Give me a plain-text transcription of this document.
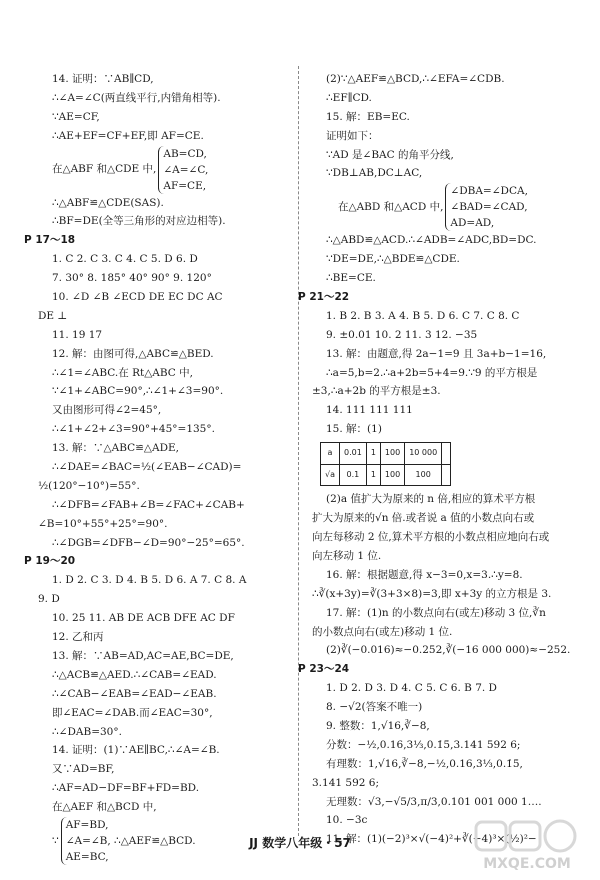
14. 证明：∵AB∥CD,
∴∠A=∠C(两直线平行,内错角相等).
∵AE=CF,
∴AE+EF=CF+EF,即 AF=CE.
在△ABF 和△CDE 中,
AB=CD,
∠A=∠C,
AF=CE,
∴△ABF≌△CDE(SAS).
∴BF=DE(全等三角形的对应边相等).
P 17～18
1. C 2. C 3. C 4. C 5. D 6. D
7. 30° 8. 185° 40° 90° 9. 120°
10. ∠D ∠B ∠ECD DE EC DC AC
DE ⊥
11. 19 17
12. 解：由图可得,△ABC≌△BED.
∴∠1=∠ABC.在 Rt△ABC 中,
∵∠1+∠ABC=90°,∴∠1+∠3=90°.
又由图形可得∠2=45°,
∴∠1+∠2+∠3=90°+45°=135°.
13. 解：∵△ABC≌△ADE,
∴∠DAE=∠BAC=½(∠EAB−∠CAD)=
½(120°−10°)=55°.
∴∠DFB=∠FAB+∠B=∠FAC+∠CAB+
∠B=10°+55°+25°=90°.
∴∠DGB=∠DFB−∠D=90°−25°=65°.
P 19～20
1. D 2. C 3. D 4. B 5. D 6. A 7. C 8. A
9. D
10. 25 11. AB DE ACB DFE AC DF
12. 乙和丙
13. 解：∵AB=AD,AC=AE,BC=DE,
∴△ACB≌△AED.∴∠CAB=∠EAD.
∴∠CAB−∠EAB=∠EAD−∠EAB.
即∠EAC=∠DAB.而∠EAC=30°,
∴∠DAB=30°.
14. 证明：(1)∵AE∥BC,∴∠A=∠B.
又∵AD=BF,
∴AF=AD−DF=BF+FD=BD.
在△AEF 和△BCD 中,
∵
AF=BD,
∠A=∠B, ∴△AEF≌△BCD.
AE=BC,
(2)∵△AEF≌△BCD,∴∠EFA=∠CDB.
∴EF∥CD.
15. 解：EB=EC.
证明如下：
∵AD 是∠BAC 的角平分线,
∵DB⊥AB,DC⊥AC,
在△ABD 和△ACD 中,
∠DBA=∠DCA,
∠BAD=∠CAD,
AD=AD,
∴△ABD≌△ACD.∴∠ADB=∠ADC,BD=DC.
∵DE=DE,∴△BDE≌△CDE.
∴BE=CE.
P 21～22
1. B 2. B 3. A 4. B 5. D 6. C 7. C 8. C
9. ±0.01 10. 2 11. 3 12. −35
13. 解：由题意,得 2a−1=9 且 3a+b−1=16,
∴a=5,b=2.∴a+2b=5+4=9.∵9 的平方根是
±3,∴a+2b 的平方根是±3.
14. 111 111 111
15. 解：(1)
a	0.01	1	100	10 000	
√a	0.1	1	100	100	
(2)a 值扩大为原来的 n 倍,相应的算术平方根
扩大为原来的√n 倍.或者说 a 值的小数点向右或
向左每移动 2 位,算术平方根的小数点相应地向右或
向左移动 1 位.
16. 解：根据题意,得 x−3=0,x=3.∴y=8.
∴∛(x+3y)=∛(3+3×8)=3,即 x+3y 的立方根是 3.
17. 解：(1)n 的小数点向右(或左)移动 3 位,∛n
的小数点向右(或左)移动 1 位.
(2)∛(−0.016)≈−0.252,∛(−16 000 000)≈−252.
P 23～24
1. D 2. D 3. D 4. C 5. C 6. B 7. D
8. −√2(答案不唯一)
9. 整数：1,√16,∛−8,
分数：−½,0.16,3⅓,0.1̇5̇,3.141 592 6;
有理数：1,√16,∛−8,−½,0.16,3⅓,0.1̇5̇,
3.141 592 6;
无理数：√3,−√5/3,π/3,0.101 001 000 1….
10. −3c
11. 解：(1)(−2)³×√(−4)²+∛(−4)³×(½)²−
JJ 数学八年级・57
MXQE.COM
